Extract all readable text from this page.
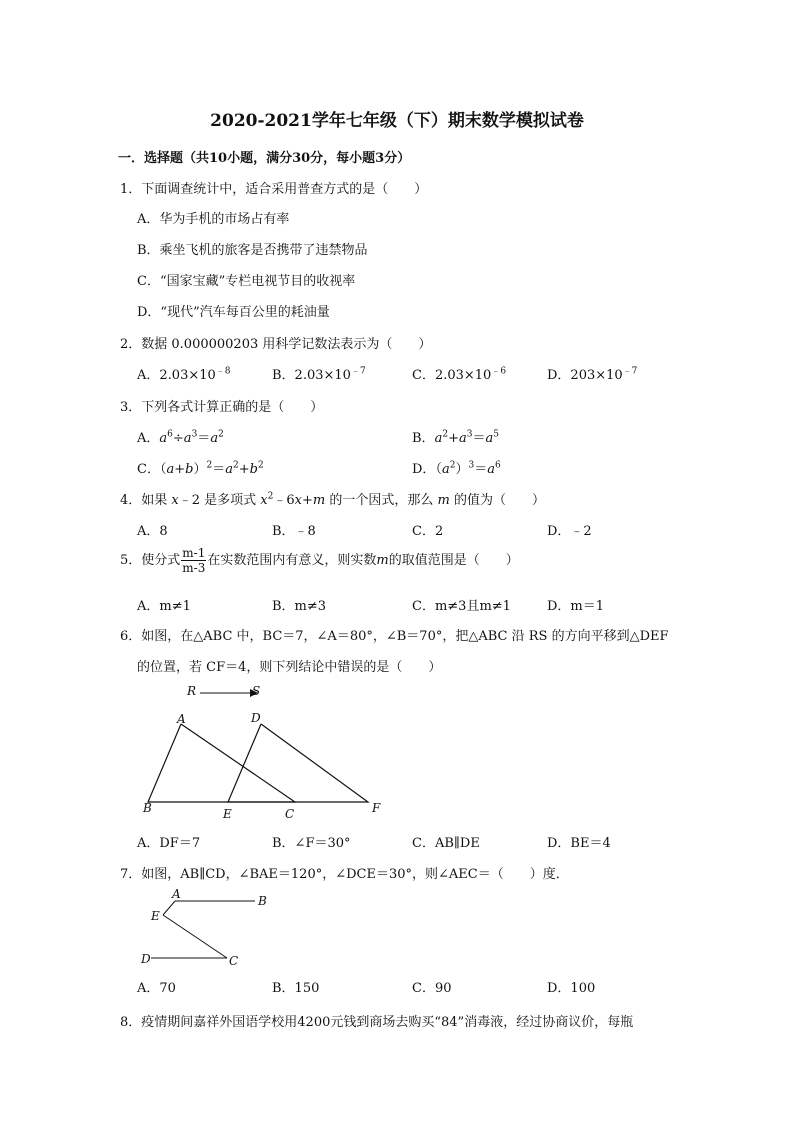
2020-2021学年七年级（下）期末数学模拟试卷
一．选择题（共10小题，满分30分，每小题3分）
1．下面调查统计中，适合采用普查方式的是（　　）
A．华为手机的市场占有率
B．乘坐飞机的旅客是否携带了违禁物品
C．“国家宝藏”专栏电视节目的收视率
D．“现代”汽车每百公里的耗油量
2．数据 0.000000203 用科学记数法表示为（　　）
A．$2.03\times 10^{﹣8}$	B．$2.03\times 10^{﹣7}$	C．$2.03\times 10^{﹣6}$	D．$203\times 10^{﹣7}$
3．下列各式计算正确的是（　　）
A．$a^6\div a^3=a^2$	B．$a^2+a^3=a^5$
C．$(a+b)^2=a^2+b^2$	D．$(a^2)^3=a^6$
4．如果 x﹣2 是多项式 $x^2﹣6x+m$ 的一个因式，那么 m 的值为（　　）
A．8	B．﹣8	C．2	D．﹣2
5．使分式 $\frac{m-1}{m-3}$ 在实数范围内有意义，则实数m的取值范围是（　　）
A．m≠1	B．m≠3	C．m≠3且m≠1	D．m＝1
6．如图，在△ABC 中，BC＝7，∠A＝80°，∠B＝70°，把△ABC 沿 RS 的方向平移到△DEF
的位置，若 CF＝4，则下列结论中错误的是（　　）
R	S
A	D
B	E	C	F
A．DF＝7	B．∠F＝30°	C．AB∥DE	D．BE＝4
7．如图，AB∥CD，∠BAE＝120°，∠DCE＝30°，则∠AEC＝（　　）度．
A	B
E
D	C
A．70	B．150	C．90	D．100
8．疫情期间嘉祥外国语学校用4200元钱到商场去购买“84”消毒液，经过协商议价，每瓶
